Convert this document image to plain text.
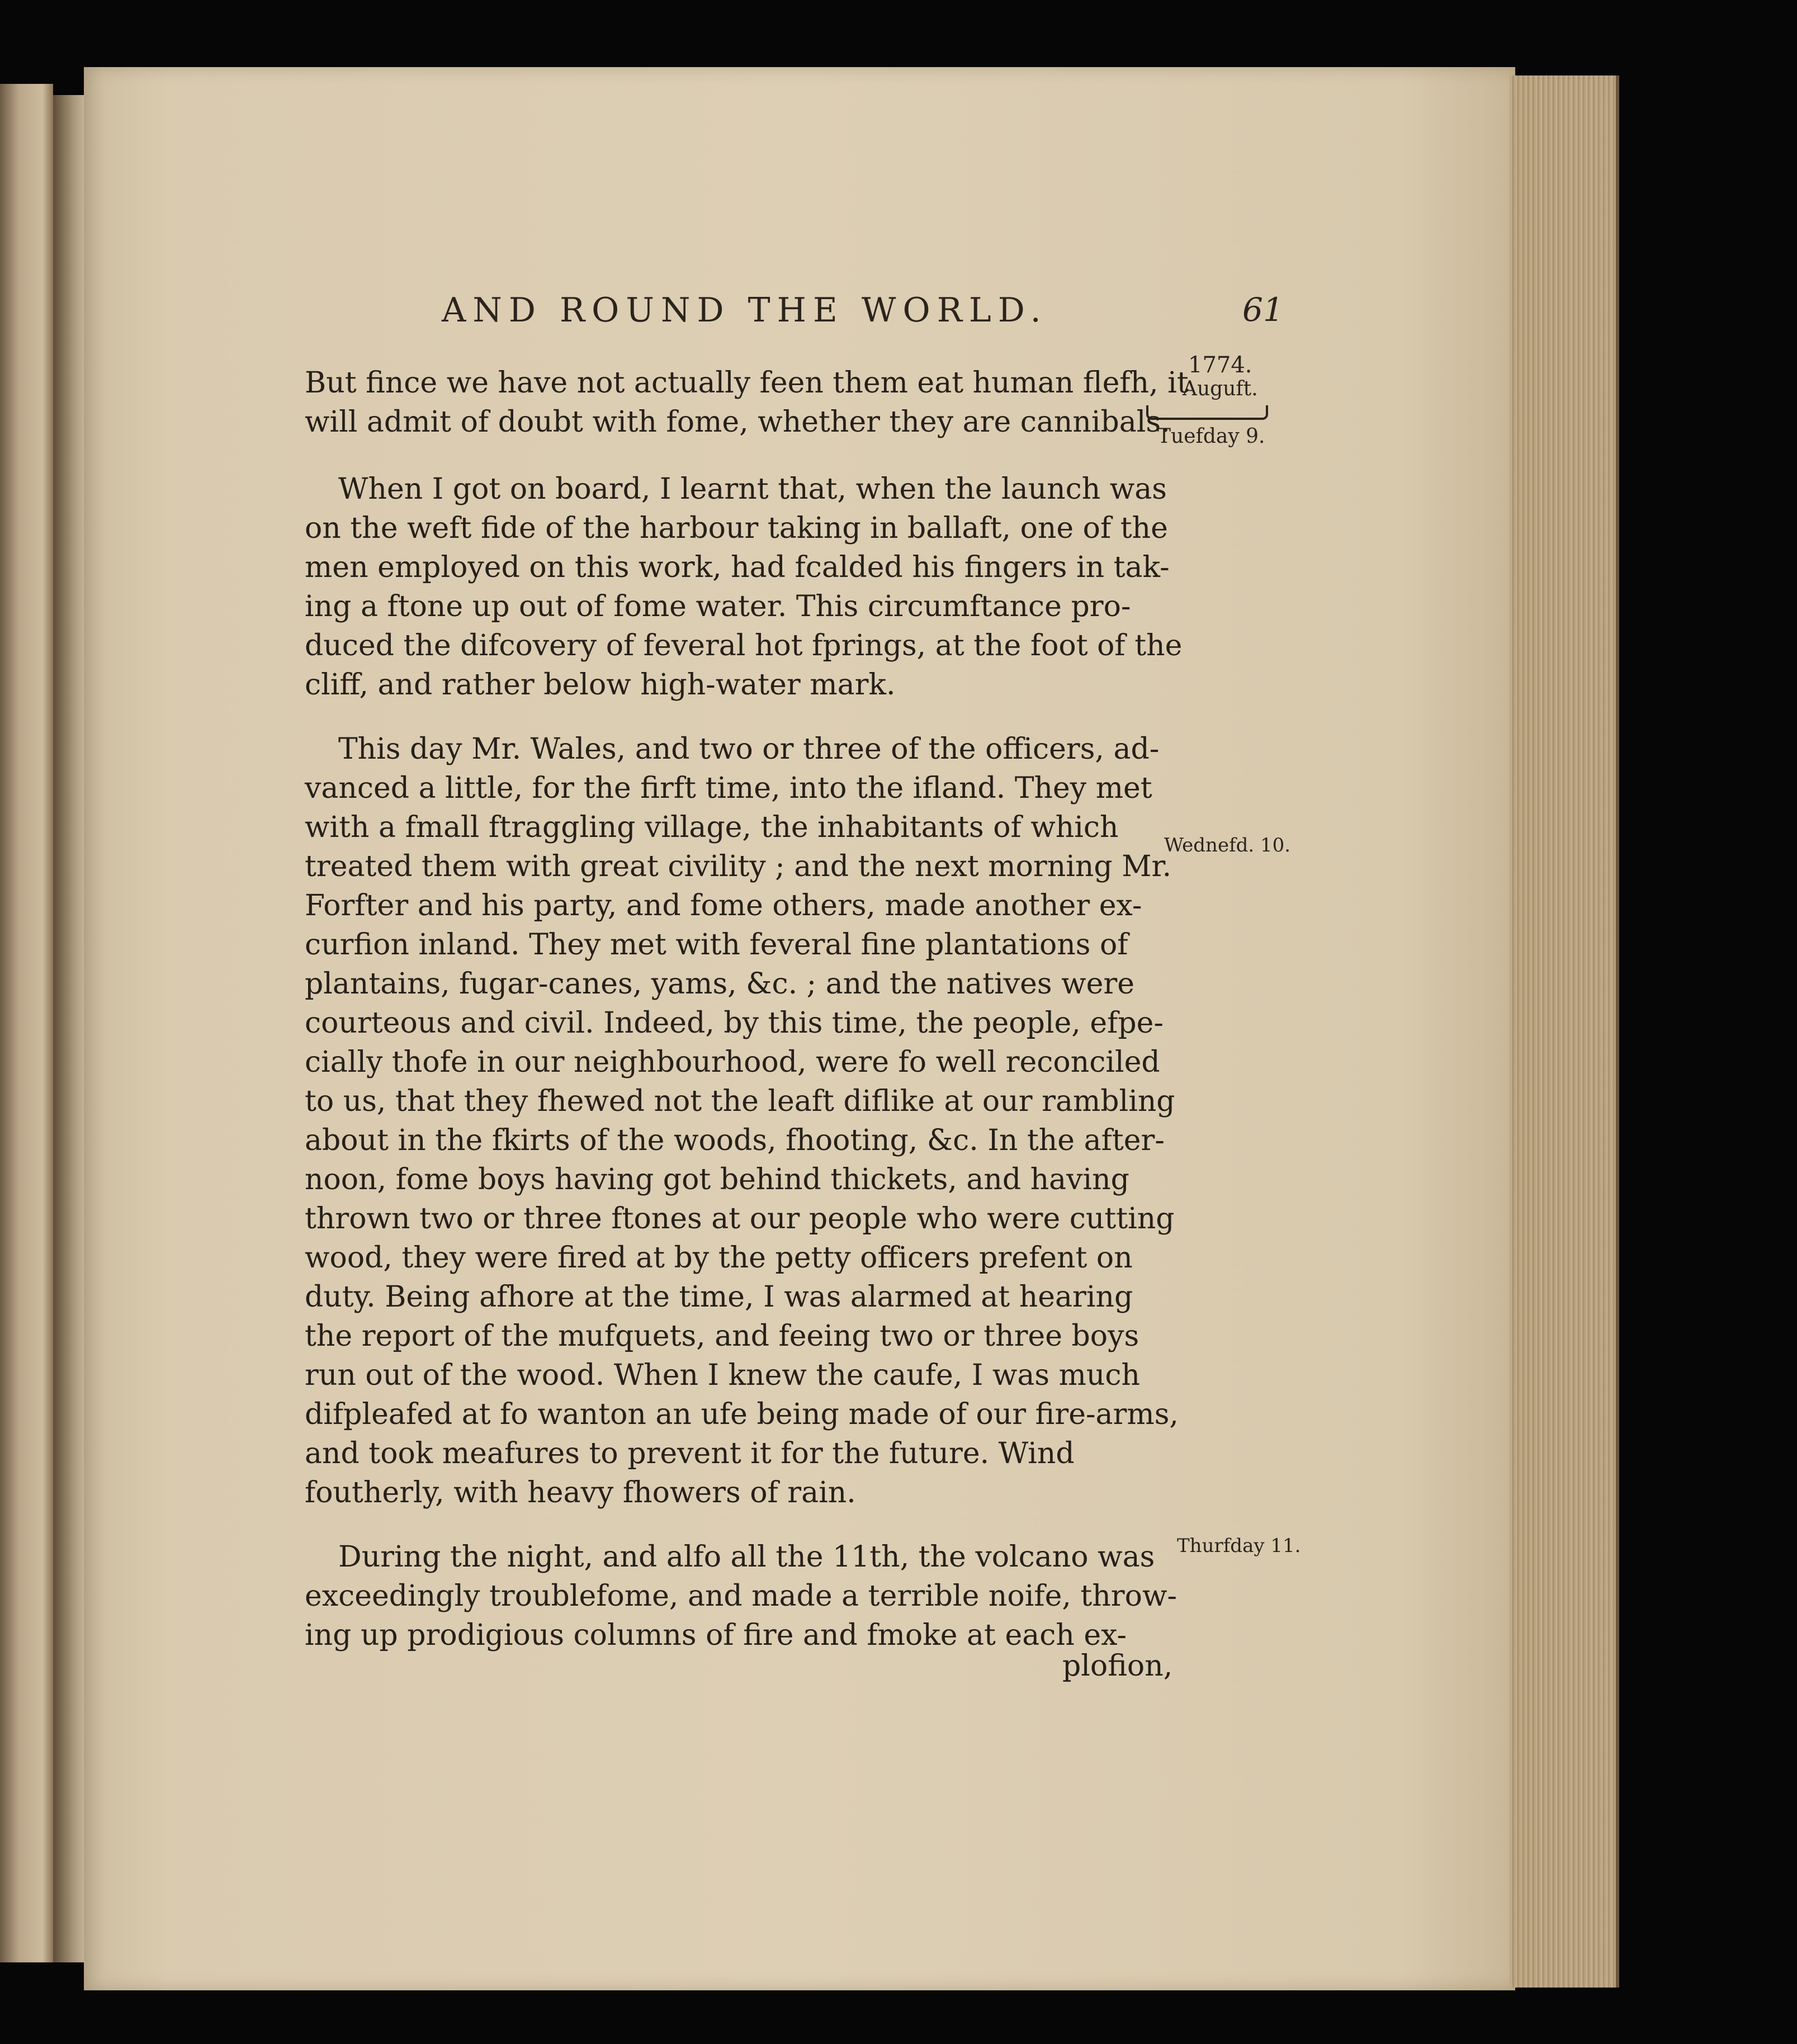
AND ROUND THE WORLD.	61
1774.
Auguft.
Tuefday 9.
Wednefd. 10.
Thurfday 11.
But fince we have not actually feen them eat human flefh, it
will admit of doubt with fome, whether they are cannibals.
When I got on board, I learnt that, when the launch was
on the weft fide of the harbour taking in ballaft, one of the
men employed on this work, had fcalded his fingers in tak-
ing a ftone up out of fome water. This circumftance pro-
duced the difcovery of feveral hot fprings, at the foot of the
cliff, and rather below high-water mark.
This day Mr. Wales, and two or three of the officers, ad-
vanced a little, for the firft time, into the ifland. They met
with a fmall ftraggling village, the inhabitants of which
treated them with great civility ; and the next morning Mr.
Forfter and his party, and fome others, made another ex-
curfion inland. They met with feveral fine plantations of
plantains, fugar-canes, yams, &c. ; and the natives were
courteous and civil. Indeed, by this time, the people, efpe-
cially thofe in our neighbourhood, were fo well reconciled
to us, that they fhewed not the leaft diflike at our rambling
about in the fkirts of the woods, fhooting, &c. In the after-
noon, fome boys having got behind thickets, and having
thrown two or three ftones at our people who were cutting
wood, they were fired at by the petty officers prefent on
duty. Being afhore at the time, I was alarmed at hearing
the report of the mufquets, and feeing two or three boys
run out of the wood. When I knew the caufe, I was much
difpleafed at fo wanton an ufe being made of our fire-arms,
and took meafures to prevent it for the future. Wind
foutherly, with heavy fhowers of rain.
During the night, and alfo all the 11th, the volcano was
exceedingly troublefome, and made a terrible noife, throw-
ing up prodigious columns of fire and fmoke at each ex-
plofion,
